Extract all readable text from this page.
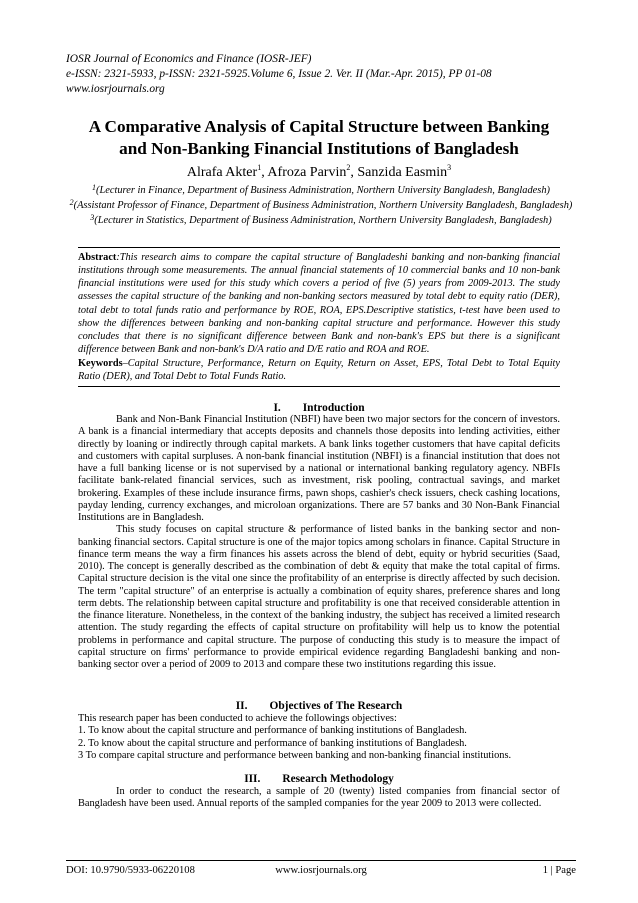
IOSR Journal of Economics and Finance (IOSR-JEF)
e-ISSN: 2321-5933, p-ISSN: 2321-5925.Volume 6, Issue 2. Ver. II (Mar.-Apr. 2015), PP 01-08
www.iosrjournals.org
A Comparative Analysis of Capital Structure between Banking
and Non-Banking Financial Institutions of Bangladesh
Alrafa Akter$^1$, Afroza Parvin$^2$, Sanzida Easmin$^3$
$^1$(Lecturer in Finance, Department of Business Administration, Northern University Bangladesh, Bangladesh)
$^2$(Assistant Professor of Finance, Department of Business Administration, Northern University Bangladesh, Bangladesh)
$^3$(Lecturer in Statistics, Department of Business Administration, Northern University Bangladesh, Bangladesh)

Abstract:This research aims to compare the capital structure of Bangladeshi banking and non-banking financial institutions through some measurements. The annual financial statements of 10 commercial banks and 10 non-bank financial institutions were used for this study which covers a period of five (5) years from 2009-2013. The study assesses the capital structure of the banking and non-banking sectors measured by total debt to equity ratio (DER), total debt to total funds ratio and performance by ROE, ROA, EPS.Descriptive statistics, t-test have been used to show the differences between banking and non-banking capital structure and performance. However this study concludes that there is no significant difference between Bank and non-bank's EPS but there is a significant difference between Bank and non-bank's D/A ratio and D/E ratio and ROA and ROE.

Keywords–Capital Structure, Performance, Return on Equity, Return on Asset, EPS, Total Debt to Total Equity Ratio (DER), and Total Debt to Total Funds Ratio.

I. Introduction

Bank and Non-Bank Financial Institution (NBFI) have been two major sectors for the concern of investors. A bank is a financial intermediary that accepts deposits and channels those deposits into lending activities, either directly by loaning or indirectly through capital markets. A bank links together customers that have capital deficits and customers with capital surpluses. A non-bank financial institution (NBFI) is a financial institution that does not have a full banking license or is not supervised by a national or international banking regulatory agency. NBFIs facilitate bank-related financial services, such as investment, risk pooling, contractual savings, and market brokering. Examples of these include insurance firms, pawn shops, cashier's check issuers, check cashing locations, payday lending, currency exchanges, and microloan organizations. There are 57 banks and 30 Non-Bank Financial Institutions are in Bangladesh.

This study focuses on capital structure & performance of listed banks in the banking sector and non-banking financial sectors. Capital structure is one of the major topics among scholars in finance. Capital Structure in finance term means the way a firm finances his assets across the blend of debt, equity or hybrid securities (Saad, 2010). The concept is generally described as the combination of debt & equity that make the total capital of firms. Capital structure decision is the vital one since the profitability of an enterprise is directly affected by such decision. The term "capital structure" of an enterprise is actually a combination of equity shares, preference shares and long term debts. The relationship between capital structure and profitability is one that received considerable attention in the finance literature. Nonetheless, in the context of the banking industry, the subject has received a limited research attention. The study regarding the effects of capital structure on profitability will help us to know the potential problems in performance and capital structure. The purpose of conducting this study is to measure the impact of capital structure on firms' performance to provide empirical evidence regarding Bangladeshi banking and non-banking sector over a period of 2009 to 2013 and compare these two institutions regarding this issue.

II. Objectives of The Research

This research paper has been conducted to achieve the followings objectives:

1. To know about the capital structure and performance of banking institutions of Bangladesh.

2. To know about the capital structure and performance of banking institutions of Bangladesh.

3 To compare capital structure and performance between banking and non-banking financial institutions.

III. Research Methodology

In order to conduct the research, a sample of 20 (twenty) listed companies from financial sector of Bangladesh have been used. Annual reports of the sampled companies for the year 2009 to 2013 were collected.

DOI: 10.9790/5933-06220108	www.iosrjournals.org	1 | Page
